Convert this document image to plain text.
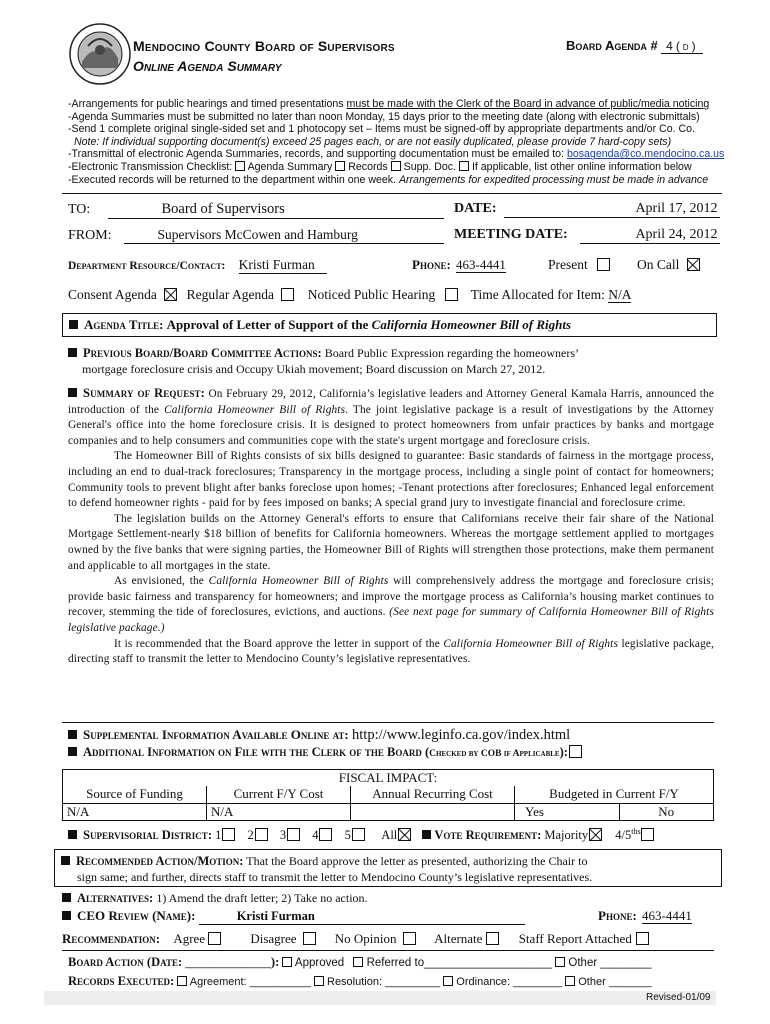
Mendocino County Board of Supervisors
Online Agenda Summary
Board Agenda # 4(d)
-Arrangements for public hearings and timed presentations must be made with the Clerk of the Board in advance of public/media noticing
-Agenda Summaries must be submitted no later than noon Monday, 15 days prior to the meeting date (along with electronic submittals)
-Send 1 complete original single-sided set and 1 photocopy set – Items must be signed-off by appropriate departments and/or Co. Co.
Note: If individual supporting document(s) exceed 25 pages each, or are not easily duplicated, please provide 7 hard-copy sets)
-Transmittal of electronic Agenda Summaries, records, and supporting documentation must be emailed to: bosagenda@co.mendocino.ca.us
-Electronic Transmission Checklist: Agenda Summary Records Supp. Doc. If applicable, list other online information below
-Executed records will be returned to the department within one week. Arrangements for expedited processing must be made in advance
TO:	Board of Supervisors	DATE:	April 17, 2012
FROM:	Supervisors McCowen and Hamburg	MEETING DATE:	April 24, 2012
Department Resource/Contact: Kristi Furman	Phone: 463-4441	Present	On Call
Consent Agenda Regular Agenda	Noticed Public Hearing	Time Allocated for Item: N/A
Agenda Title: Approval of Letter of Support of the California Homeowner Bill of Rights
Previous Board/Board Committee Actions: Board Public Expression regarding the homeowners’
mortgage foreclosure crisis and Occupy Ukiah movement; Board discussion on March 27, 2012.

Summary of Request: On February 29, 2012, California’s legislative leaders and Attorney General Kamala Harris, announced the introduction of the California Homeowner Bill of Rights. The joint legislative package is a result of investigations by the Attorney General's office into the home foreclosure crisis. It is designed to protect homeowners from unfair practices by banks and mortgage companies and to help consumers and communities cope with the state's urgent mortgage and foreclosure crisis.

The Homeowner Bill of Rights consists of six bills designed to guarantee: Basic standards of fairness in the mortgage process, including an end to dual-track foreclosures; Transparency in the mortgage process, including a single point of contact for homeowners; Community tools to prevent blight after banks foreclose upon homes; -Tenant protections after foreclosures; Enhanced legal enforcement to defend homeowner rights - paid for by fees imposed on banks; A special grand jury to investigate financial and foreclosure crime.

The legislation builds on the Attorney General's efforts to ensure that Californians receive their fair share of the National Mortgage Settlement-nearly $18 billion of benefits for California homeowners. Whereas the mortgage settlement applied to mortgages owned by the five banks that were signing parties, the Homeowner Bill of Rights will strengthen those protections, make them permanent and applicable to all mortgages in the state.

As envisioned, the California Homeowner Bill of Rights will comprehensively address the mortgage and foreclosure crisis; provide basic fairness and transparency for homeowners; and improve the mortgage process as California’s housing market continues to recover, stemming the tide of foreclosures, evictions, and auctions. (See next page for summary of California Homeowner Bill of Rights legislative package.)

It is recommended that the Board approve the letter in support of the California Homeowner Bill of Rights legislative package, directing staff to transmit the letter to Mendocino County’s legislative representatives.

Supplemental Information Available Online at: http://www.leginfo.ca.gov/index.html
Additional Information on File with the Clerk of the Board (Checked by COB if Applicable):
FISCAL IMPACT:			
Source of Funding	Current F/Y Cost	Annual Recurring Cost	Budgeted in Current F/Y
N/A	N/A		Yes No
Supervisorial District: 1 2 3 4 5 All	Vote Requirement: Majority $4/5^{ths}$
Recommended Action/Motion: That the Board approve the letter as presented, authorizing the Chair to
sign same; and further, directs staff to transmit the letter to Mendocino County’s legislative representatives.
Alternatives: 1) Amend the draft letter; 2) Take no action.
CEO Review (Name):	Kristi Furman	Phone: 463-4441
Recommendation: Agree	Disagree	No Opinion	Alternate	Staff Report Attached
Board Action (Date: ______________): Approved Referred to____________________ Other ________
Records Executed: Agreement: __________ Resolution: _________ Ordinance: ________ Other _______
Revised-01/09
